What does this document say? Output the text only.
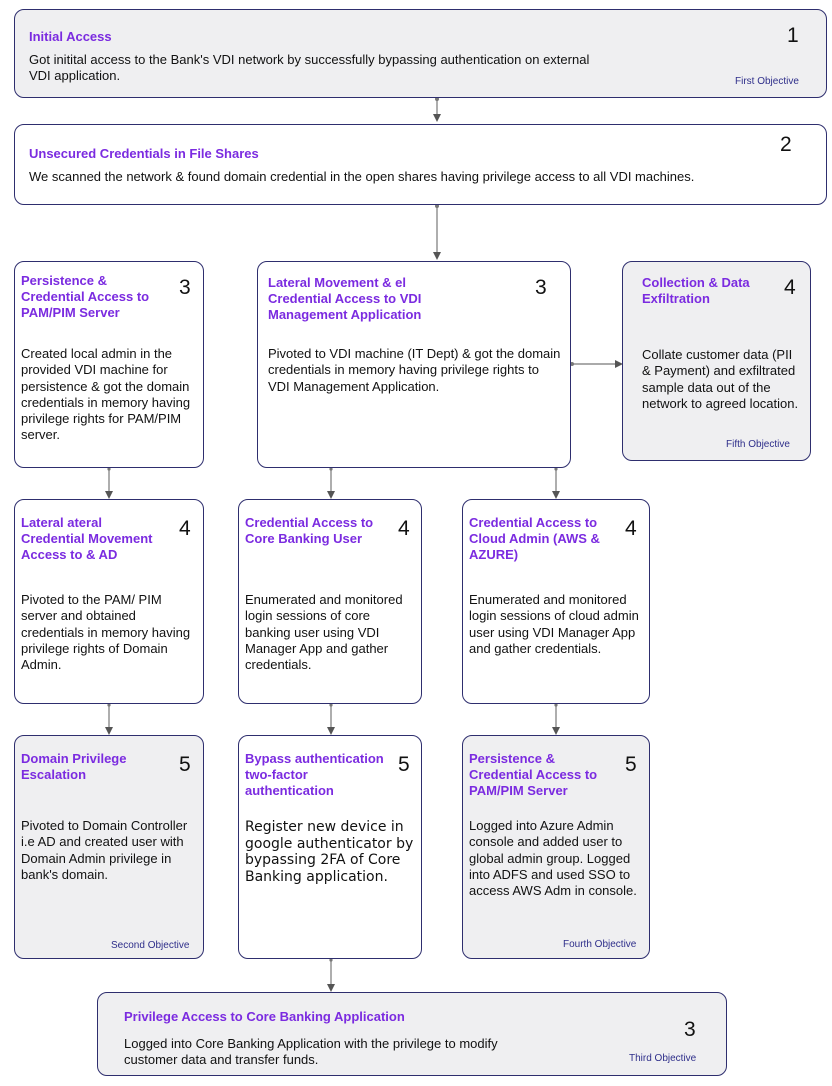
Initial Access	1
Got initital access to the Bank's VDI network by successfully bypassing authentication on external VDI application.	First Objective
Unsecured Credentials in File Shares	2
We scanned the network & found domain credential in the open shares having privilege access to all VDI machines.
Persistence & Credential Access to PAM/PIM Server
3
Created local admin in the provided VDI machine for persistence & got the domain credentials in memory having privilege rights for PAM/PIM server.
Lateral Movement & el Credential Access to VDI Management Application
3
Pivoted to VDI machine (IT Dept) & got the domain credentials in memory having privilege rights to VDI Management Application.
Collection & Data Exfiltration	4
Collate customer data (PII & Payment) and exfiltrated sample data out of the network to agreed location.
Fifth Objective
Lateral ateral Credential Movement Access to & AD
4
Pivoted to the PAM/ PIM server and obtained credentials in memory having privilege rights of Domain Admin.
Credential Access to Core Banking User	4
Enumerated and monitored login sessions of core banking user using VDI Manager App and gather credentials.
Credential Access to Cloud Admin (AWS & AZURE)
4
Enumerated and monitored login sessions of cloud admin user using VDI Manager App and gather credentials.
Domain Privilege Escalation	5
Pivoted to Domain Controller i.e AD and created user with Domain Admin privilege in bank's domain.
Second Objective
Bypass authentication two-factor authentication
5
Register new device in google authenticator by bypassing 2FA of Core Banking application.
Persistence & Credential Access to PAM/PIM Server
5
Logged into Azure Admin console and added user to global admin group. Logged into ADFS and used SSO to access AWS Adm in console.
Fourth Objective
Privilege Access to Core Banking Application
3
Logged into Core Banking Application with the privilege to modify customer data and transfer funds.	Third Objective
